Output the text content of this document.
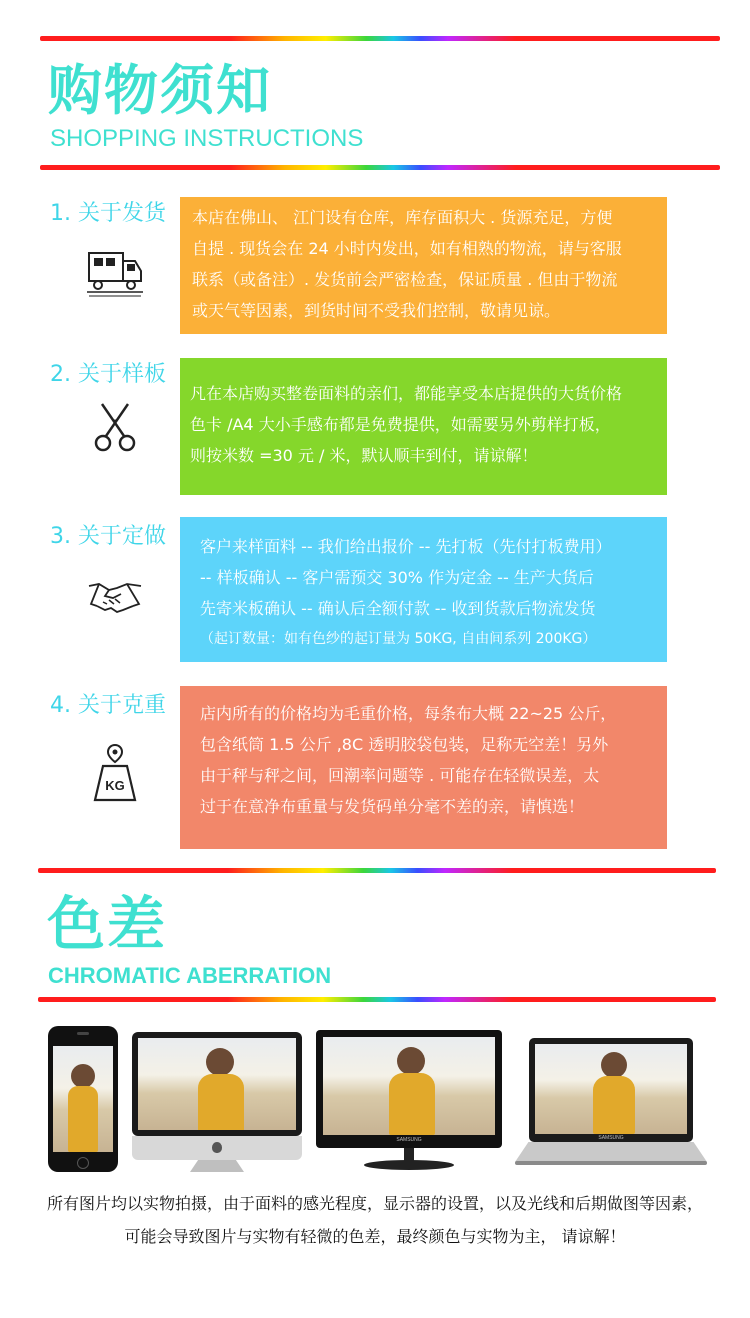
购物须知
SHOPPING INSTRUCTIONS
1. 关于发货 本店在佛山、 江门设有仓库，库存面积大 . 货源充足，方便

自提 . 现货会在 24 小时内发出，如有相熟的物流，请与客服

联系（或备注）. 发货前会严密检查，保证质量 . 但由于物流

或天气等因素，到货时间不受我们控制，敬请见谅。

2. 关于样板

凡在本店购买整卷面料的亲们，都能享受本店提供的大货价格

色卡 /A4 大小手感布都是免费提供，如需要另外剪样打板，

则按米数 =30 元 / 米，默认顺丰到付，请谅解！

3. 关于定做 客户来样面料 -- 我们给出报价 -- 先打板（先付打板费用）

-- 样板确认 -- 客户需预交 30% 作为定金 -- 生产大货后

先寄米板确认 -- 确认后全额付款 -- 收到货款后物流发货

（起订数量：如有色纱的起订量为 50KG, 自由间系列 200KG）

4. 关于克重
KG

店内所有的价格均为毛重价格，每条布大概 22~25 公斤，

包含纸筒 1.5 公斤 ,8C 透明胶袋包装，足称无空差！另外

由于秤与秤之间，回潮率问题等 . 可能存在轻微误差，太

过于在意净布重量与发货码单分毫不差的亲，请慎选！

色差
CHROMATIC ABERRATION
SAMSUNG	SAMSUNG
所有图片均以实物拍摄，由于面料的感光程度，显示器的设置，以及光线和后期做图等因素，
可能会导致图片与实物有轻微的色差，最终颜色与实物为主， 请谅解！
